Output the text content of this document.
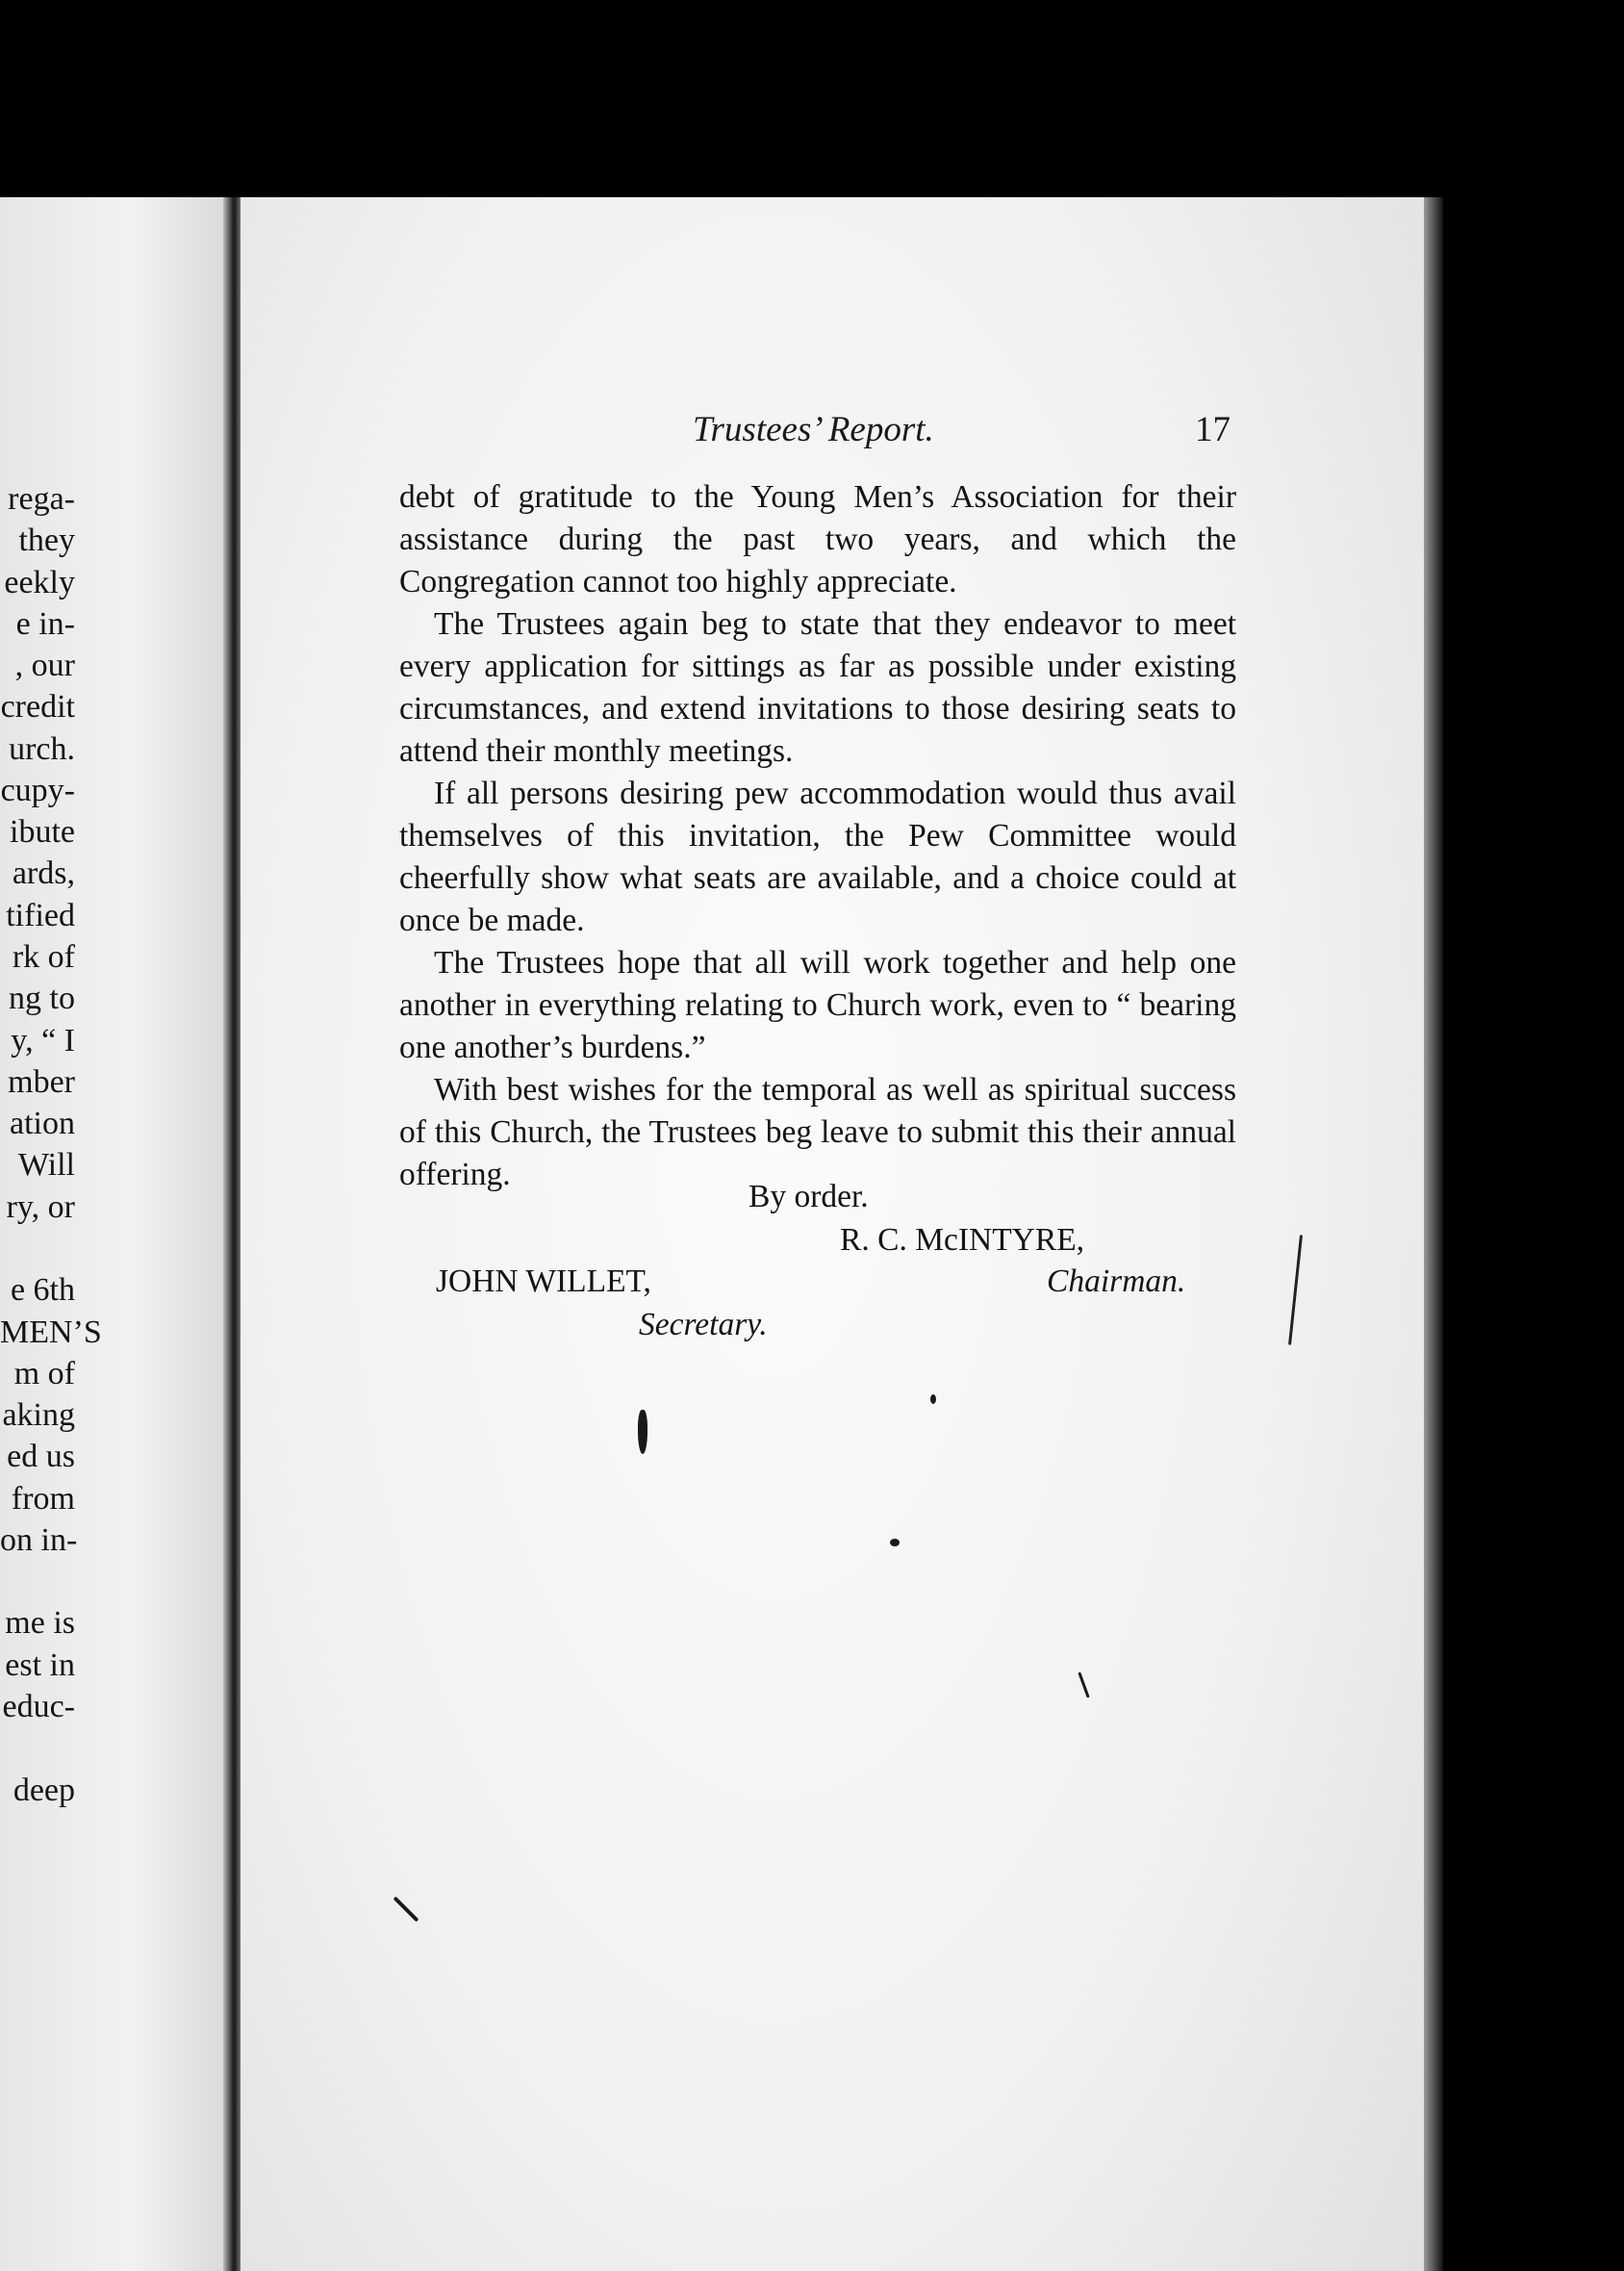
rega-
they
eekly
e in-
, our
credit
urch.
cupy-
ibute
ards,
tified
rk of
ng to
y, “ I
mber
ation
Will
ry, or
e 6th
MEN’S
m of
aking
ed us
from
on in-
me is
est in
educ-
deep
Trustees’ Report.	17

debt of gratitude to the Young Men’s Association for their assistance during the past two years, and which the Congregation cannot too highly appreciate.

The Trustees again beg to state that they endeavor to meet every application for sittings as far as possible under existing circumstances, and extend invitations to those desiring seats to attend their monthly meetings.

If all persons desiring pew accommodation would thus avail themselves of this invitation, the Pew Committee would cheerfully show what seats are available, and a choice could at once be made.

The Trustees hope that all will work together and help one another in everything relating to Church work, even to “ bearing one another’s burdens.”

With best wishes for the temporal as well as spiritual success of this Church, the Trustees beg leave to submit this their annual offering.

By order.
R. C. McINTYRE,
JOHN WILLET,	Chairman.
Secretary.
